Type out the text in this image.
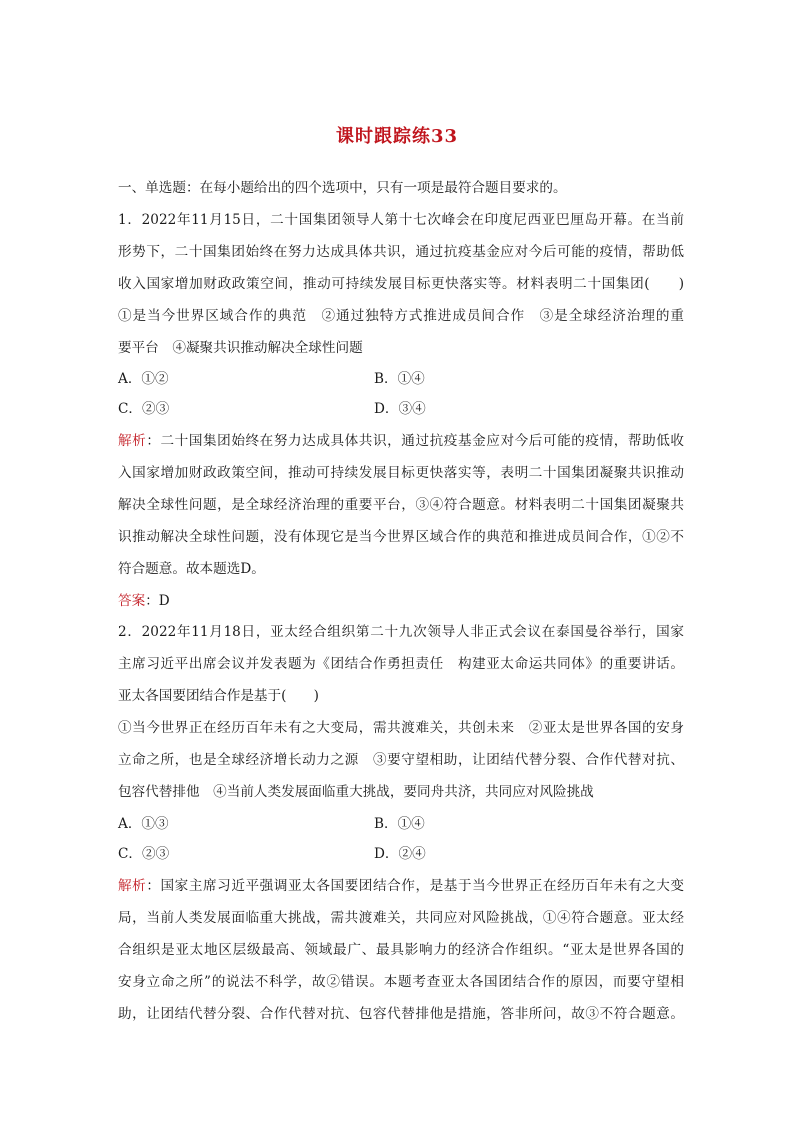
课时跟踪练33
一、单选题：在每小题给出的四个选项中，只有一项是最符合题目要求的。
1．2022年11月15日，二十国集团领导人第十七次峰会在印度尼西亚巴厘岛开幕。在当前
形势下，二十国集团始终在努力达成具体共识，通过抗疫基金应对今后可能的疫情，帮助低
收入国家增加财政政策空间，推动可持续发展目标更快落实等。材料表明二十国集团(　　)
①是当今世界区域合作的典范　②通过独特方式推进成员间合作　③是全球经济治理的重
要平台　④凝聚共识推动解决全球性问题
A．①②	B．①④
C．②③	D．③④
解析：二十国集团始终在努力达成具体共识，通过抗疫基金应对今后可能的疫情，帮助低收
入国家增加财政政策空间，推动可持续发展目标更快落实等，表明二十国集团凝聚共识推动
解决全球性问题，是全球经济治理的重要平台，③④符合题意。材料表明二十国集团凝聚共
识推动解决全球性问题，没有体现它是当今世界区域合作的典范和推进成员间合作，①②不
符合题意。故本题选D。
答案：D
2．2022年11月18日，亚太经合组织第二十九次领导人非正式会议在泰国曼谷举行，国家
主席习近平出席会议并发表题为《团结合作勇担责任　构建亚太命运共同体》的重要讲话。
亚太各国要团结合作是基于(　　)
①当今世界正在经历百年未有之大变局，需共渡难关，共创未来　②亚太是世界各国的安身
立命之所，也是全球经济增长动力之源　③要守望相助，让团结代替分裂、合作代替对抗、
包容代替排他　④当前人类发展面临重大挑战，要同舟共济，共同应对风险挑战
A．①③	B．①④
C．②③	D．②④
解析：国家主席习近平强调亚太各国要团结合作，是基于当今世界正在经历百年未有之大变
局，当前人类发展面临重大挑战，需共渡难关，共同应对风险挑战，①④符合题意。亚太经
合组织是亚太地区层级最高、领域最广、最具影响力的经济合作组织。“亚太是世界各国的
安身立命之所”的说法不科学，故②错误。本题考查亚太各国团结合作的原因，而要守望相
助，让团结代替分裂、合作代替对抗、包容代替排他是措施，答非所问，故③不符合题意。
